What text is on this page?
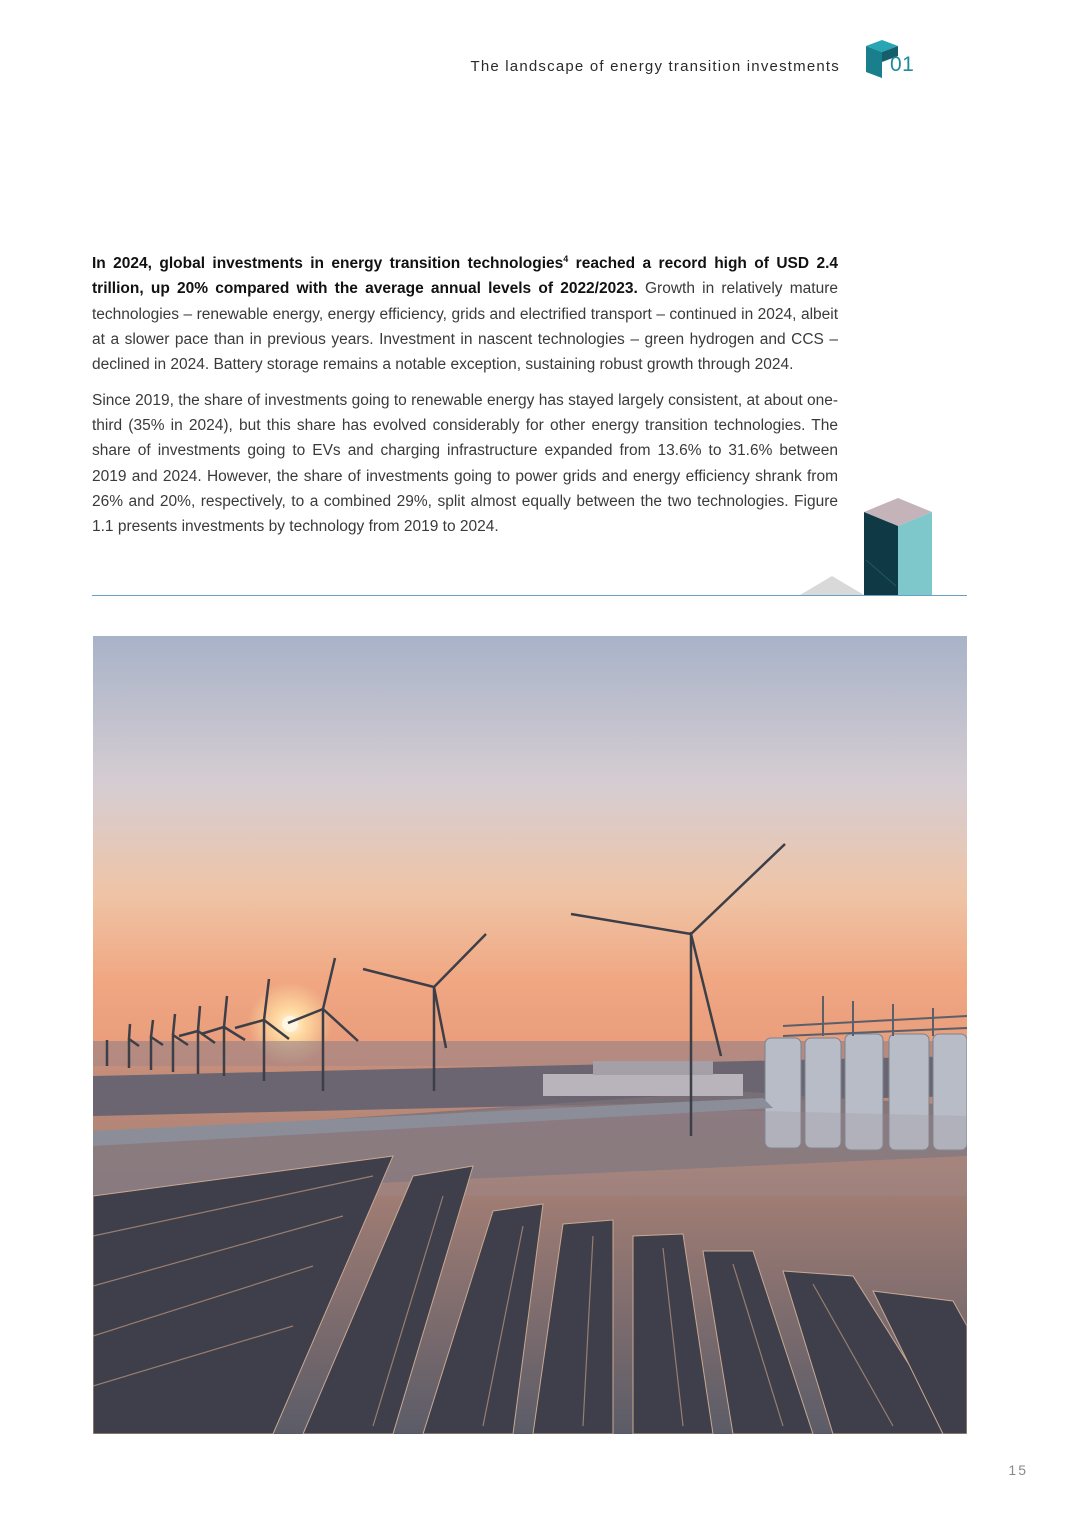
The landscape of energy transition investments 01

In 2024, global investments in energy transition technologies$^4$ reached a record high of USD 2.4 trillion, up 20% compared with the average annual levels of 2022/2023. Growth in relatively mature technologies – renewable energy, energy efficiency, grids and electrified transport – continued in 2024, albeit at a slower pace than in previous years. Investment in nascent technologies – green hydrogen and CCS – declined in 2024. Battery storage remains a notable exception, sustaining robust growth through 2024.

Since 2019, the share of investments going to renewable energy has stayed largely consistent, at about one-third (35% in 2024), but this share has evolved considerably for other energy transition technologies. The share of investments going to EVs and charging infrastructure expanded from 13.6% to 31.6% between 2019 and 2024. However, the share of investments going to power grids and energy efficiency shrank from 26% and 20%, respectively, to a combined 29%, split almost equally between the two technologies. Figure 1.1 presents investments by technology from 2019 to 2024.

15
